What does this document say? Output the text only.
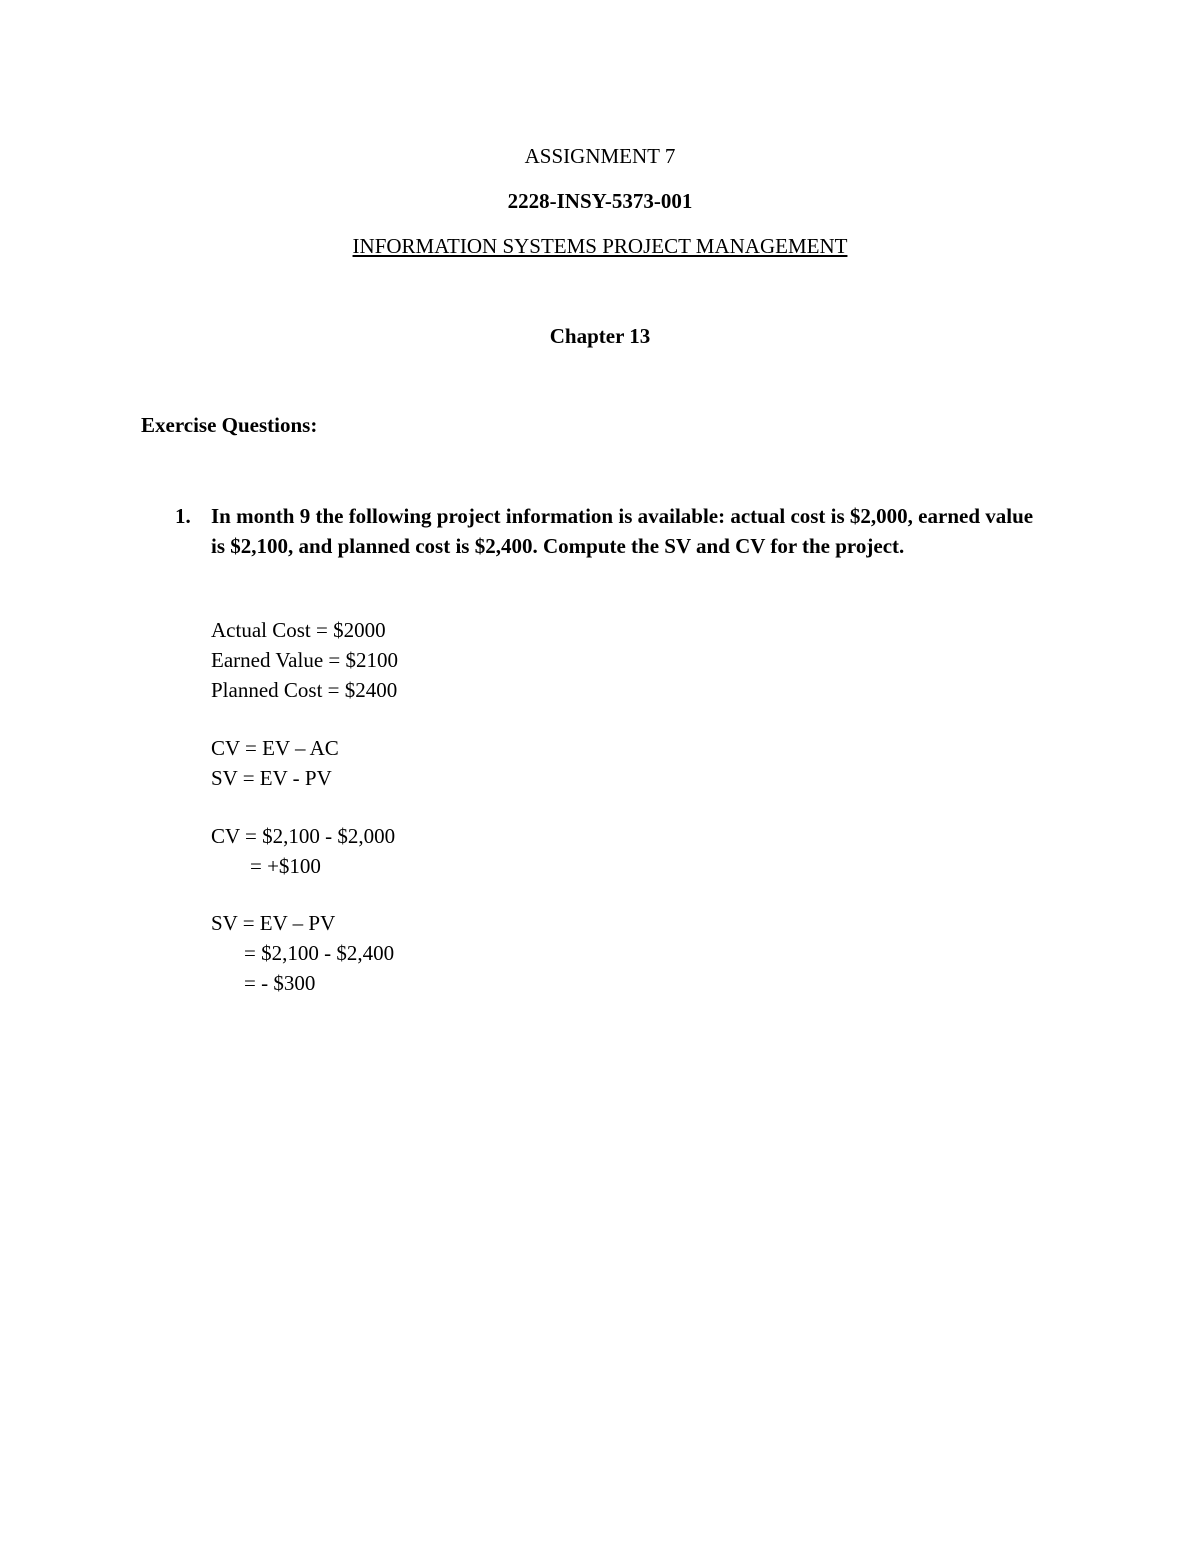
ASSIGNMENT 7
2228-INSY-5373-001
INFORMATION SYSTEMS PROJECT MANAGEMENT
Chapter 13
Exercise Questions:
1. In month 9 the following project information is available: actual cost is $2,000, earned value is $2,100, and planned cost is $2,400. Compute the SV and CV for the project.
Actual Cost = $2000
Earned Value = $2100
Planned Cost = $2400
CV = EV – AC
SV = EV - PV
CV = $2,100 - $2,000
= +$100
SV = EV – PV
= $2,100 - $2,400
= - $300
